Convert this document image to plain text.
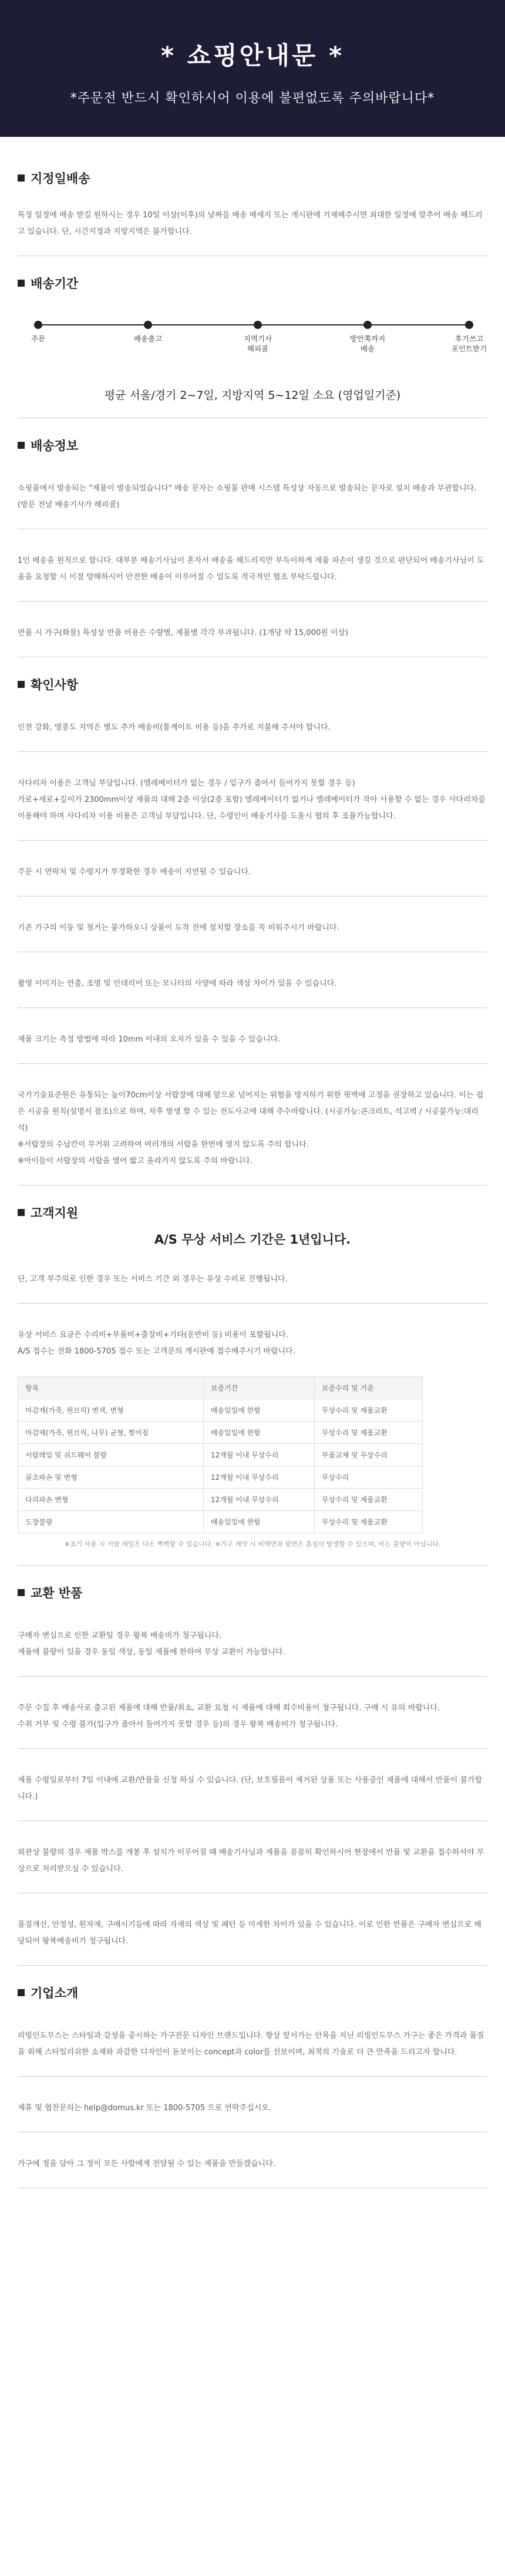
* 쇼핑안내문 *
*주문전 반드시 확인하시어 이용에 불편없도록 주의바랍니다*
지정일배송

특정 일정에 배송 받길 원하시는 경우 10일 이상(이후)의 날짜를 배송 메세지 또는 게시판에 기재해주시면 최대한 일정에 맞추어 배송 해드리고 있습니다. 단, 시간지정과 지방지역은 불가합니다.

배송기간
주문	배송출고	지역기사
해피콜
방안쪽까지
배송
후기쓰고
포인트받기
평균 서울/경기 2~7일, 지방지역 5~12일 소요 (영업일기준)
배송정보

쇼핑몰에서 발송되는 "제품이 발송되었습니다" 배송 문자는 쇼핑몰 판매 시스템 특성상 자동으로 발송되는 문자로 설치 배송과 무관합니다. (방문 전날 배송기사가 해피콜)

1인 배송을 원칙으로 합니다. 대부분 배송기사님이 혼자서 배송을 해드리지만 부득이하게 제품 파손이 생길 것으로 판단되어 배송기사님이 도움을 요청할 시 이점 양해하시어 안전한 배송이 이루어질 수 있도록 적극적인 협조 부탁드립니다.

반품 시 가구(화물) 특성상 반품 비용은 수량별, 제품별 각각 부과됩니다. (1개당 약 15,000원 이상)

확인사항

인천 강화, 영종도 지역은 별도 추가 배송비(통계이트 비용 등)을 추가로 지불해 주셔야 합니다.

사다리차 이용은 고객님 부담입니다. (엘레베이터가 없는 경우 / 입구가 좁아서 들어가지 못할 경우 등)
가로+세로+깊이가 2300mm이상 제품의 대해 2층 이상(2층 포함) 엘레베이터가 없거나 엘레베이터가 작아 사용할 수 없는 경우 사다리차를 이용해야 하며 사다리차 이용 비용은 고객님 부담입니다. 단, 수령인이 배송기사를 도울시 협의 후 조율가능합니다.

주문 시 연락처 및 수령지가 부정확한 경우 배송이 지연될 수 있습니다.

기존 가구의 이동 및 철거는 불가하오니 상품이 도착 전에 설치할 장소를 꼭 비워주시기 바랍니다.

촬영 이미지는 연출, 조명 및 인테리어 또는 모니터의 사양에 따라 색상 차이가 있을 수 있습니다.

제품 크기는 측정 방법에 따라 10mm 이내의 오차가 있을 수 있을 수 있습니다.

국가기술표준원은 유통되는 높이70cm이상 서랍장에 대해 앞으로 넘어지는 위험을 방지하기 위한 핏벽에 고정을 권장하고 있습니다. 이는 쉽은 시공을 원칙(설명서 참조)으로 하며, 차후 발생 할 수 있는 전도사고에 대해 추수바랍니다. (시공가능:콘크리트, 석고벽 / 시공불가능:대리석)
※서랍장의 수납칸이 무거워 고려하여 여러개의 서랍을 한번에 열지 않도록 주의 합니다.
※아이들이 서랍장의 서랍을 열어 밟고 올라가지 않도록 주의 바랍니다.

고객지원
A/S 무상 서비스 기간은 1년입니다.

단, 고객 부주의로 인한 경우 또는 서비스 기간 외 경우는 유상 수리로 진행됩니다.

유상 서비스 요금은 수리비+부품비+출장비+기타(운반비 등) 비용이 포함됩니다.
A/S 접수는 전화 1800-5705 접수 또는 고객문의 게시판에 접수해주시기 바랍니다.

항목	보증기간	보증수리 및 기준
마감재(가죽, 원브릭) 변색, 변형	배송일일에 한함	무상수리 및 제품교환
마감재(가죽, 원브릭, 나무) 균형, 찢어짐	배송일일에 한함	무상수리 및 제품교환
서랍레일 및 쉬드웨어 불량	12개월 이내 무상수리	부품교체 및 무상수리
골조파손 및 변형	12개월 이내 무상수리	무상수리
다리파손 변형	12개월 이내 무상수리	무상수리 및 제품교환
도장불량	배송일일에 한함	무상수리 및 제품교환
※초기 사용 시 서랍 레일은 다소 뻑뻑할 수 있습니다. ※가구 계약 시 비맥면과 뒷면은 흠집이 발생할 수 있으며, 이는 불량이 아닙니다.
교환 반품

구매자 변심으로 인한 교환일 경우 왕복 배송비가 청구됩니다.
제품에 불량이 있을 경우 동일 색상, 동일 제품에 한하여 무상 교환이 가능합니다.

주문 수집 후 배송사로 출고된 제품에 대해 반품/취소, 교환 요청 시 제품에 대해 회수비용이 청구됩니다. 구매 시 유의 바랍니다.
수취 거부 및 수령 불가(입구가 좁아서 들어가지 못할 경우 등)의 경우 왕복 배송비가 청구됩니다.

제품 수령일로부터 7일 이내에 교환/반품을 신청 하실 수 있습니다. (단, 보호필름이 제거된 상품 또는 사용중인 제품에 대해서 반품이 불가합니다.)

외관상 불량의 경우 제품 박스를 개봉 후 설치가 이루어질 때 배송기사님과 제품을 꼼꼼히 확인하시어 현장에서 반품 및 교환을 접수하셔야 무상으로 처리받으실 수 있습니다.

품질개선, 안정성, 원자재, 구매시기등에 따라 자재의 색상 및 패턴 등 미세한 차이가 있을 수 있습니다. 이로 인한 반품은 구매자 변심으로 해당되어 왕복배송비가 청구됩니다.

기업소개

리빙인도무스는 스타일과 감성을 중시하는 가구전문 디자인 브랜드입니다. 항상 앞서가는 안목을 지닌 리빙인도무스 가구는 좋은 가격과 품질을 위해 스타일리쉬한 소재와 과감한 디자인이 돋보이는 concept과 color를 선보이며, 최적의 기술로 더 큰 만족을 드리고자 합니다.

제휴 및 협찬문의는 help@domus.kr 또는 1800-5705 으로 연락주십시오.

가구에 정을 담아 그 정이 모든 사람에게 전달될 수 있는 제품을 만들겠습니다.
